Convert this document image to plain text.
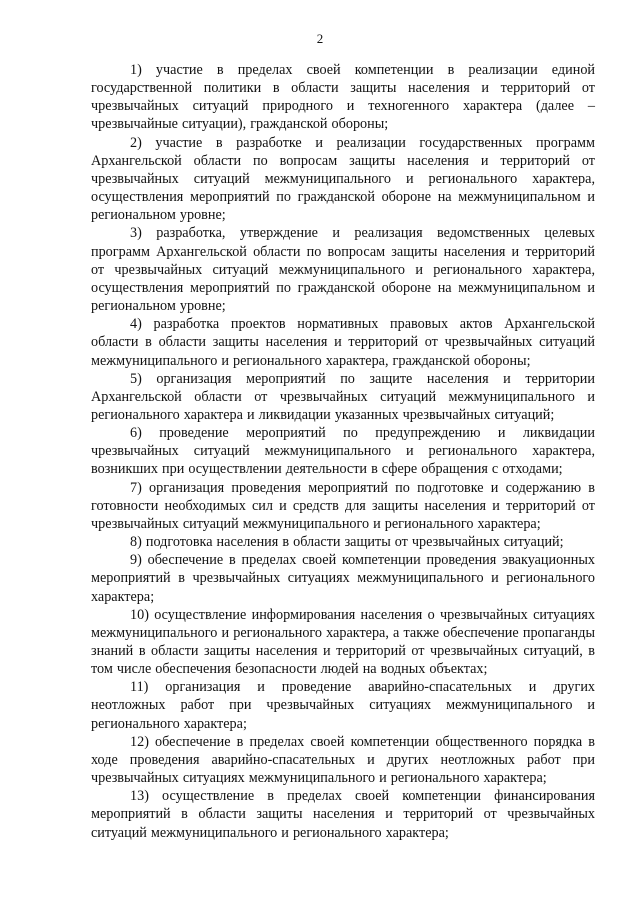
2

1) участие в пределах своей компетенции в реализации единой государственной политики в области защиты населения и территорий от чрезвычайных ситуаций природного и техногенного характера (далее – чрезвычайные ситуации), гражданской обороны;

2) участие в разработке и реализации государственных программ Архангельской области по вопросам защиты населения и территорий от чрезвычайных ситуаций межмуниципального и регионального характера, осуществления мероприятий по гражданской обороне на межмуниципальном и региональном уровне;

3) разработка, утверждение и реализация ведомственных целевых программ Архангельской области по вопросам защиты населения и территорий от чрезвычайных ситуаций межмуниципального и регионального характера, осуществления мероприятий по гражданской обороне на межмуниципальном и региональном уровне;

4) разработка проектов нормативных правовых актов Архангельской области в области защиты населения и территорий от чрезвычайных ситуаций межмуниципального и регионального характера, гражданской обороны;

5) организация мероприятий по защите населения и территории Архангельской области от чрезвычайных ситуаций межмуниципального и регионального характера и ликвидации указанных чрезвычайных ситуаций;

6) проведение мероприятий по предупреждению и ликвидации чрезвычайных ситуаций межмуниципального и регионального характера, возникших при осуществлении деятельности в сфере обращения с отходами;

7) организация проведения мероприятий по подготовке и содержанию в готовности необходимых сил и средств для защиты населения и территорий от чрезвычайных ситуаций межмуниципального и регионального характера;

8) подготовка населения в области защиты от чрезвычайных ситуаций;

9) обеспечение в пределах своей компетенции проведения эвакуационных мероприятий в чрезвычайных ситуациях межмуниципального и регионального характера;

10) осуществление информирования населения о чрезвычайных ситуациях межмуниципального и регионального характера, а также обеспечение пропаганды знаний в области защиты населения и территорий от чрезвычайных ситуаций, в том числе обеспечения безопасности людей на водных объектах;

11) организация и проведение аварийно-спасательных и других неотложных работ при чрезвычайных ситуациях межмуниципального и регионального характера;

12) обеспечение в пределах своей компетенции общественного порядка в ходе проведения аварийно-спасательных и других неотложных работ при чрезвычайных ситуациях межмуниципального и регионального характера;

13) осуществление в пределах своей компетенции финансирования мероприятий в области защиты населения и территорий от чрезвычайных ситуаций межмуниципального и регионального характера;
